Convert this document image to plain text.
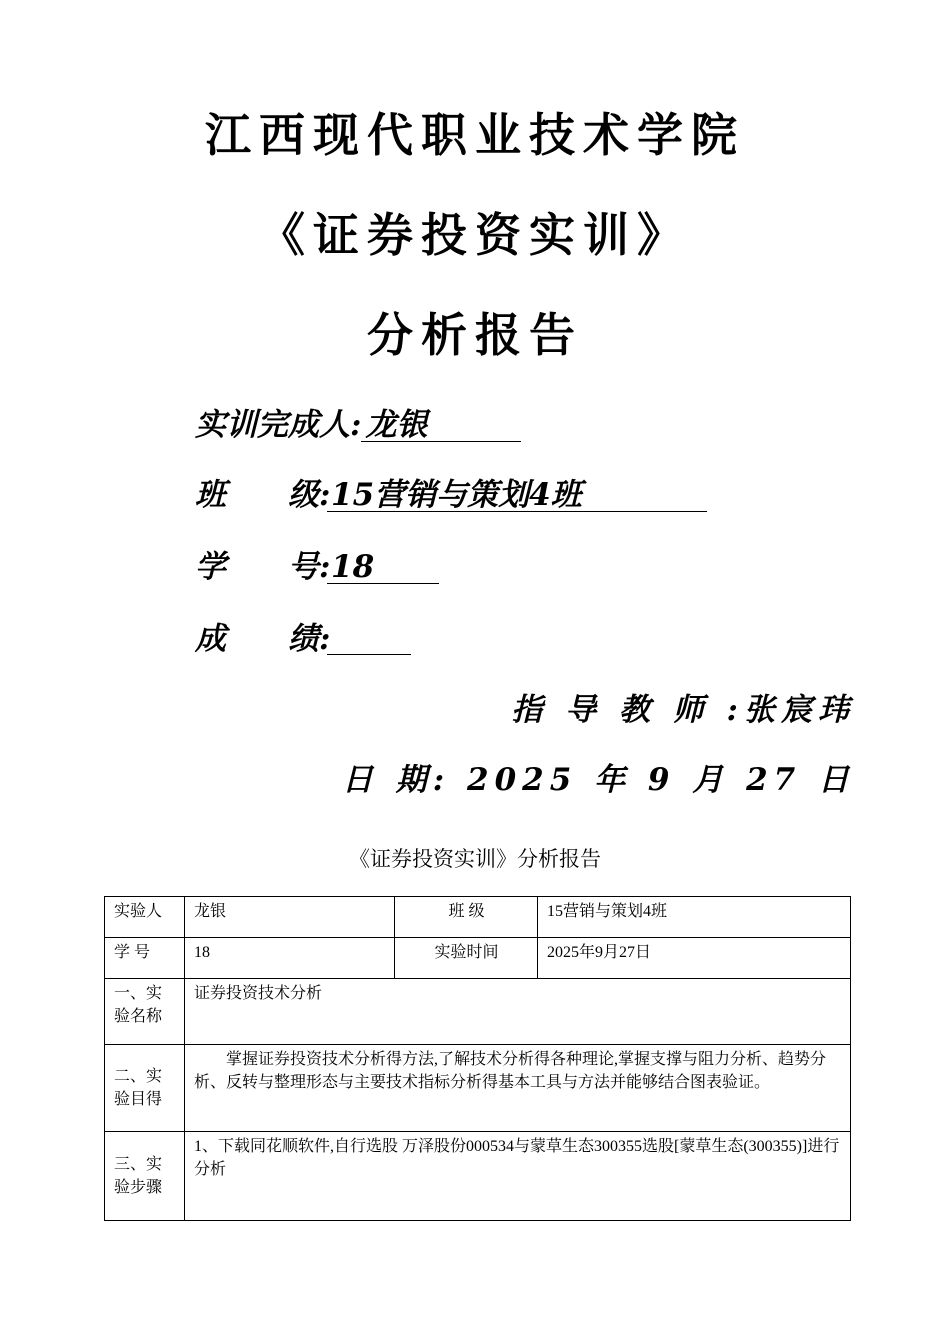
江西现代职业技术学院
《证券投资实训》
分析报告
实训完成人: 龙银
班　　级:15营销与策划4班
学　　号:18
成　　绩:
指 导 教 师 :张宸玮
日 期: 2025 年 9 月 27 日
《证券投资实训》分析报告
实验人	龙银	班 级	15营销与策划4班
学 号	18	实验时间	2025年9月27日
一、实验名称	证券投资技术分析		
二、实验目得	掌握证券投资技术分析得方法,了解技术分析得各种理论,掌握支撑与阻力分析、趋势分析、反转与整理形态与主要技术指标分析得基本工具与方法并能够结合图表验证。		
三、实验步骤	1、下载同花顺软件,自行选股 万泽股份000534与蒙草生态300355选股[蒙草生态(300355)]进行分析		
